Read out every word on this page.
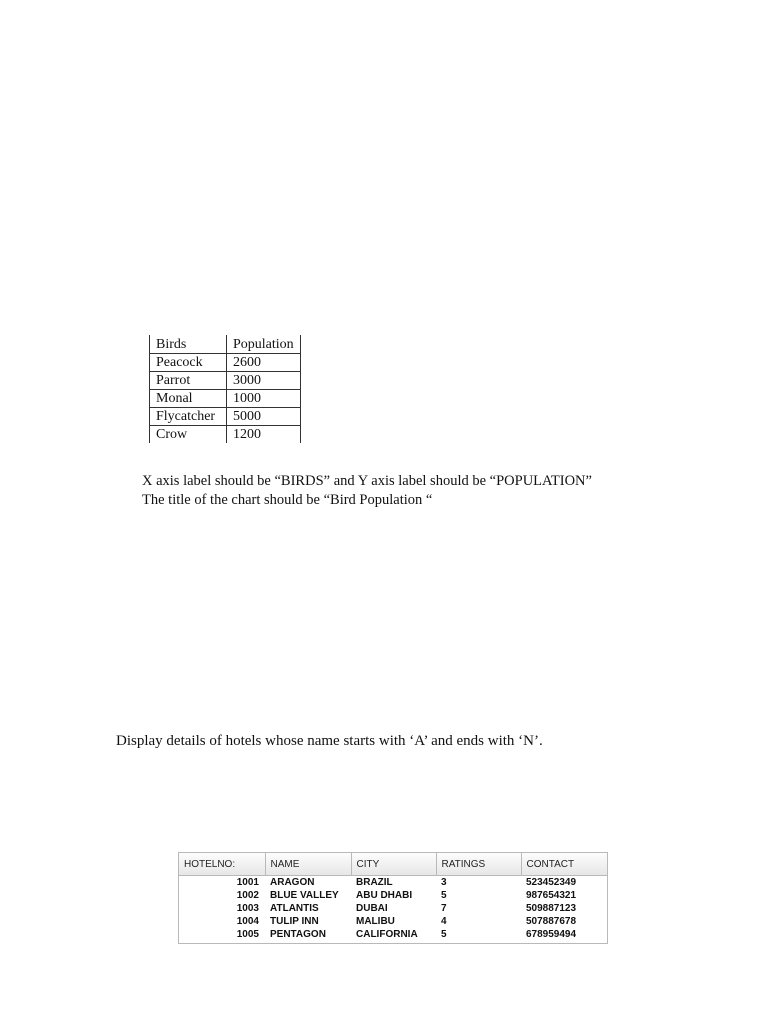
Birds	Population
Peacock	2600
Parrot	3000
Monal	1000
Flycatcher	5000
Crow	1200
X axis label should be “BIRDS” and Y axis label should be “POPULATION”
The title of the chart should be “Bird Population “

Display details of hotels whose name starts with ‘A’ and ends with ‘N’.

HOTELNO:	NAME	CITY	RATINGS	CONTACT
1001	ARAGON	BRAZIL	3	523452349
1002	BLUE VALLEY	ABU DHABI	5	987654321
1003	ATLANTIS	DUBAI	7	509887123
1004	TULIP INN	MALIBU	4	507887678
1005	PENTAGON	CALIFORNIA	5	678959494
